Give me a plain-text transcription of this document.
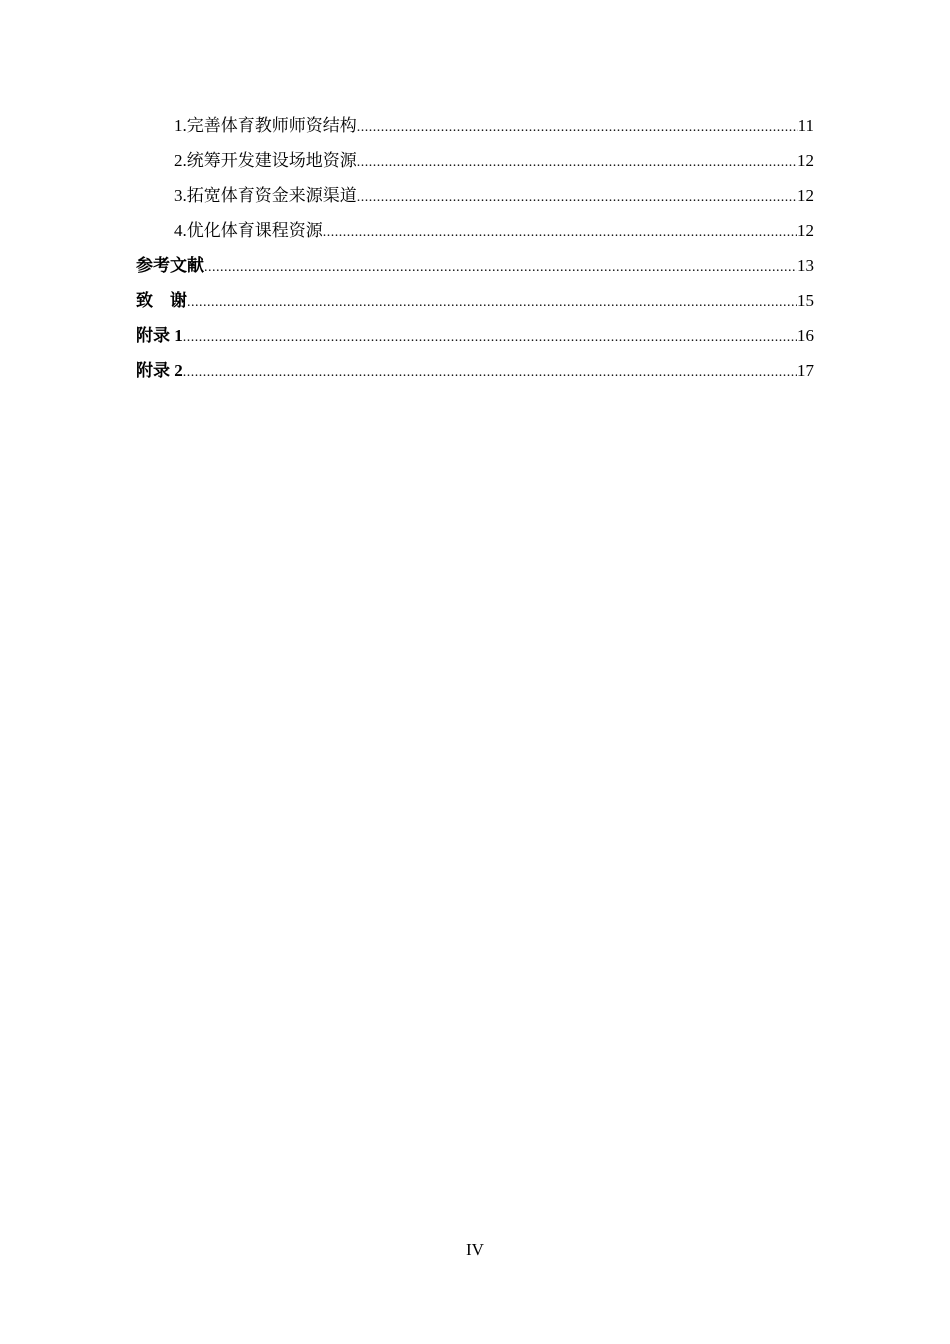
1.完善体育教师师资结构 .....	11
2.统筹开发建设场地资源 .....	12
3.拓宽体育资金来源渠道 .....	12
4.优化体育课程资源 .....	12
参考文献 .....	13
致　谢 .....	15
附录 1 .....	16
附录 2 .....	17
IV
